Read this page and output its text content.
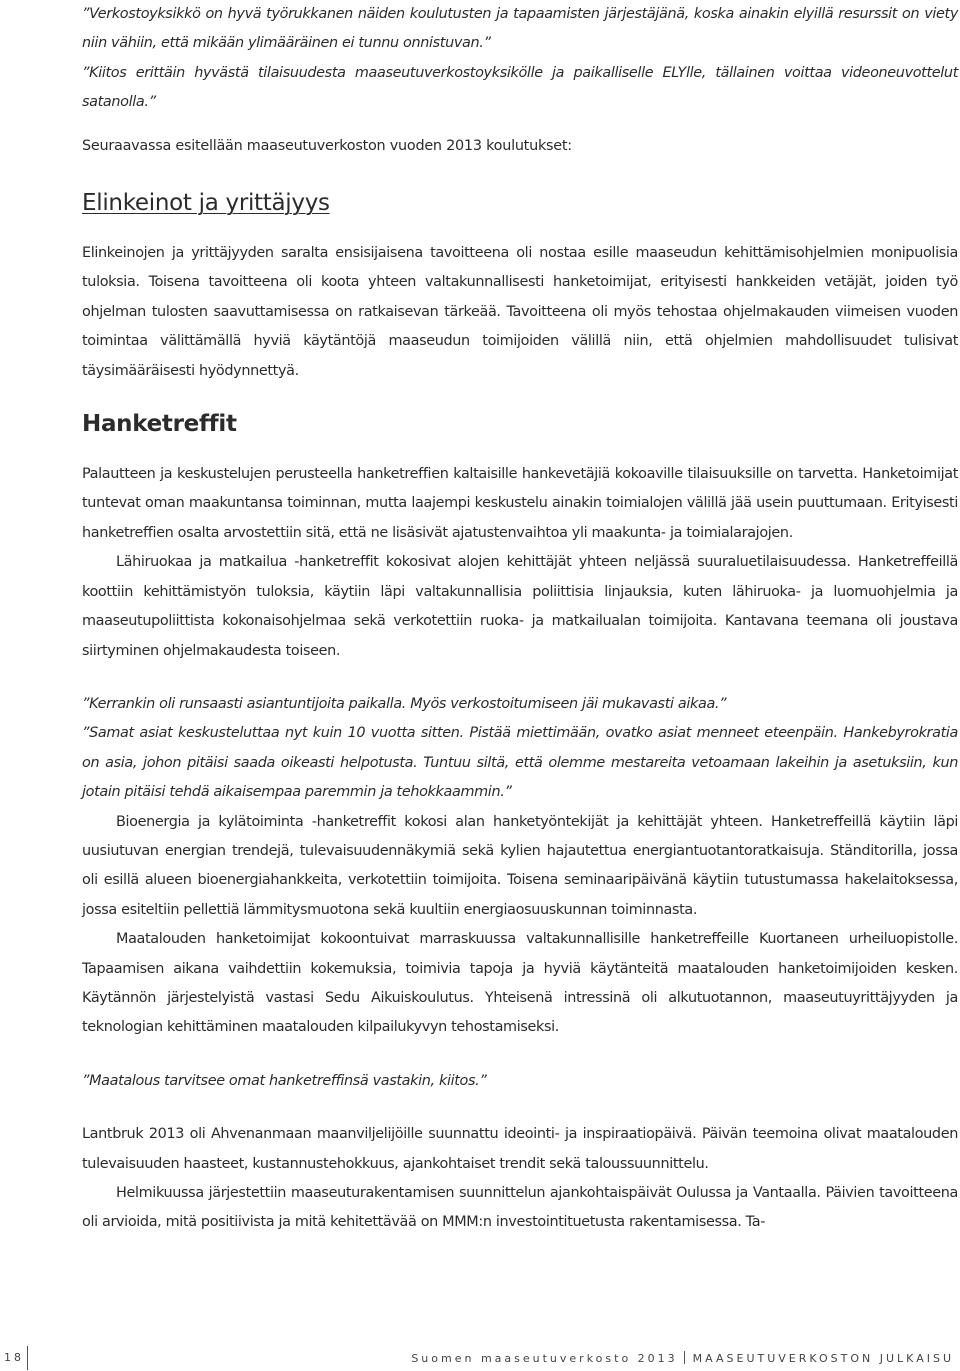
”Verkostoyksikkö on hyvä työrukkanen näiden koulutusten ja tapaamisten järjestäjänä, koska ainakin elyillä resurssit on viety niin vähiin, että mikään ylimääräinen ei tunnu onnistuvan.”

”Kiitos erittäin hyvästä tilaisuudesta maaseutuverkostoyksikölle ja paikalliselle ELYlle, tällainen voittaa videoneuvottelut satanolla.”

Seuraavassa esitellään maaseutuverkoston vuoden 2013 koulutukset:

Elinkeinot ja yrittäjyys

Elinkeinojen ja yrittäjyyden saralta ensisijaisena tavoitteena oli nostaa esille maaseudun kehittämisohjelmien monipuolisia tuloksia. Toisena tavoitteena oli koota yhteen valtakunnallisesti hanketoimijat, erityisesti hankkeiden vetäjät, joiden työ ohjelman tulosten saavuttamisessa on ratkaisevan tärkeää. Tavoitteena oli myös tehostaa ohjelmakauden viimeisen vuoden toimintaa välittämällä hyviä käytäntöjä maaseudun toimijoiden välillä niin, että ohjelmien mahdollisuudet tulisivat täysimääräisesti hyödynnettyä.

Hanketreffit

Palautteen ja keskustelujen perusteella hanketreffien kaltaisille hankevetäjiä kokoaville tilaisuuksille on tarvetta. Hanketoimijat tuntevat oman maakuntansa toiminnan, mutta laajempi keskustelu ainakin toimialojen välillä jää usein puuttumaan. Erityisesti hanketreffien osalta arvostettiin sitä, että ne lisäsivät ajatustenvaihtoa yli maakunta- ja toimialarajojen.

Lähiruokaa ja matkailua -hanketreffit kokosivat alojen kehittäjät yhteen neljässä suuraluetilaisuudessa. Hanketreffeillä koottiin kehittämistyön tuloksia, käytiin läpi valtakunnallisia poliittisia linjauksia, kuten lähiruoka- ja luomuohjelmia ja maaseutupoliittista kokonaisohjelmaa sekä verkotettiin ruoka- ja matkailualan toimijoita. Kantavana teemana oli joustava siirtyminen ohjelmakaudesta toiseen.

”Kerrankin oli runsaasti asiantuntijoita paikalla. Myös verkostoitumiseen jäi mukavasti aikaa.”

”Samat asiat keskusteluttaa nyt kuin 10 vuotta sitten. Pistää miettimään, ovatko asiat menneet eteenpäin. Hankebyrokratia on asia, johon pitäisi saada oikeasti helpotusta. Tuntuu siltä, että olemme mestareita vetoamaan lakeihin ja asetuksiin, kun jotain pitäisi tehdä aikaisempaa paremmin ja tehokkaammin.”

Bioenergia ja kylätoiminta -hanketreffit kokosi alan hanketyöntekijät ja kehittäjät yhteen. Hanketreffeillä käytiin läpi uusiutuvan energian trendejä, tulevaisuudennäkymiä sekä kylien hajautettua energiantuotantoratkaisuja. Ständitorilla, jossa oli esillä alueen bioenergiahankkeita, verkotettiin toimijoita. Toisena seminaaripäivänä käytiin tutustumassa hakelaitoksessa, jossa esiteltiin pellettiä lämmitysmuotona sekä kuultiin energiaosuuskunnan toiminnasta.

Maatalouden hanketoimijat kokoontuivat marraskuussa valtakunnallisille hanketreffeille Kuortaneen urheiluopistolle. Tapaamisen aikana vaihdettiin kokemuksia, toimivia tapoja ja hyviä käytänteitä maatalouden hanketoimijoiden kesken. Käytännön järjestelyistä vastasi Sedu Aikuiskoulutus. Yhteisenä intressinä oli alkutuotannon, maaseutuyrittäjyyden ja teknologian kehittäminen maatalouden kilpailukyvyn tehostamiseksi.

”Maatalous tarvitsee omat hanketreffinsä vastakin, kiitos.”

Lantbruk 2013 oli Ahvenanmaan maanviljelijöille suunnattu ideointi- ja inspiraatiopäivä. Päivän teemoina olivat maatalouden tulevaisuuden haasteet, kustannustehokkuus, ajankohtaiset trendit sekä taloussuunnittelu.

Helmikuussa järjestettiin maaseuturakentamisen suunnittelun ajankohtaispäivät Oulussa ja Vantaalla. Päivien tavoitteena oli arvioida, mitä positiivista ja mitä kehitettävää on MMM:n investointituetusta rakentamisessa. Ta-

18	Suomen maaseutuverkosto 2013 MAASEUTUVERKOSTON JULKAISU
